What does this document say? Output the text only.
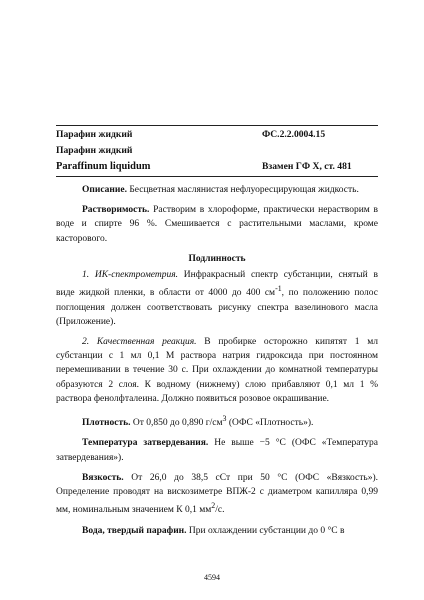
Парафин жидкий	ФС.2.2.0004.15
Парафин жидкий
Paraffinum liquidum	Взамен ГФ X, ст. 481

Описание. Бесцветная маслянистая нефлуоресцирующая жидкость.

Растворимость. Растворим в хлороформе, практически нерастворим в воде и спирте 96 %. Смешивается с растительными маслами, кроме касторового.

Подлинность

1. ИК-спектрометрия. Инфракрасный спектр субстанции, снятый в виде жидкой пленки, в области от 4000 до 400 $см^{-1}$, по положению полос поглощения должен соответствовать рисунку спектра вазелинового масла (Приложение).

2. Качественная реакция. В пробирке осторожно кипятят 1 мл субстанции с 1 мл 0,1 М раствора натрия гидроксида при постоянном перемешивании в течение 30 с. При охлаждении до комнатной температуры образуются 2 слоя. К водному (нижнему) слою прибавляют 0,1 мл 1 % раствора фенолфталеина. Должно появиться розовое окрашивание.

Плотность. От 0,850 до 0,890 $г/см^3$ (ОФС «Плотность»).

Температура затвердевания. Не выше −5 °С (ОФС «Температура затвердевания»).

Вязкость. От 26,0 до 38,5 сСт при 50 °С (ОФС «Вязкость»). Определение проводят на вискозиметре ВПЖ-2 с диаметром капилляра 0,99 мм, номинальным значением К 0,1 $мм^2/с$.

Вода, твердый парафин. При охлаждении субстанции до 0 °С в

4594
